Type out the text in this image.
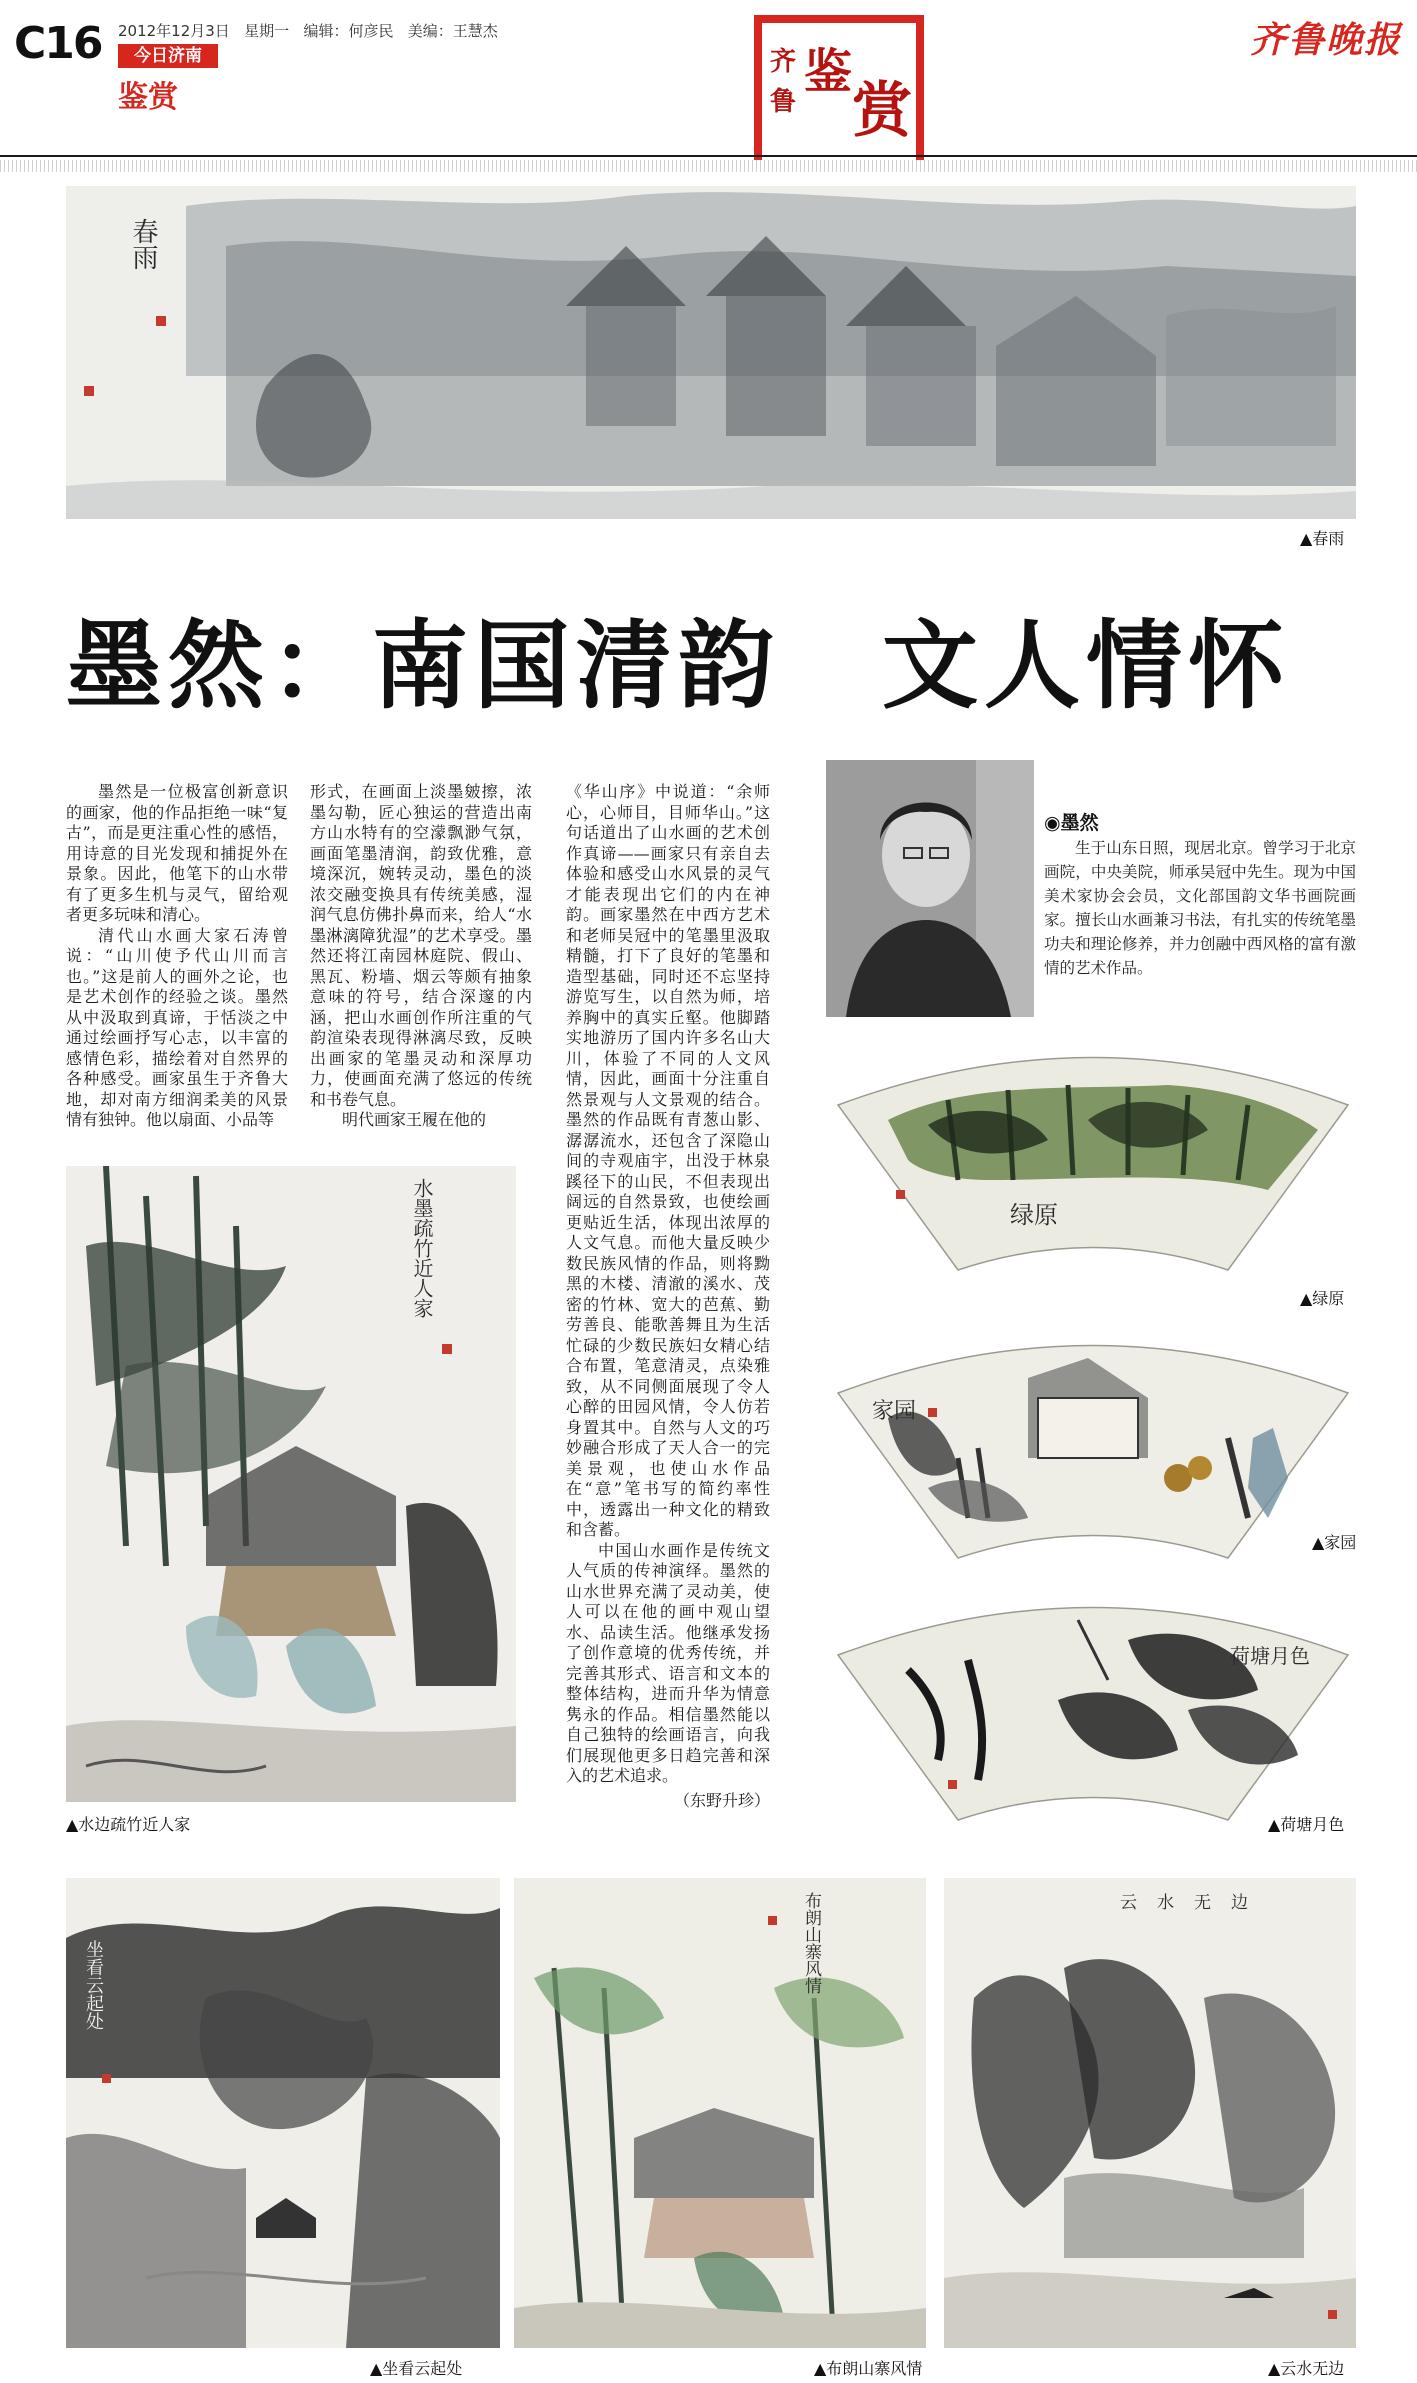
C16 2012年12月3日 星期一 编辑：何彦民 美编：王慧杰
今日济南
鉴赏
齐
鲁
鉴
赏
齐鲁晚报
春雨
▲春雨
墨然：南国清韵　文人情怀

墨然是一位极富创新意识的画家，他的作品拒绝一味“复古”，而是更注重心性的感悟，用诗意的目光发现和捕捉外在景象。因此，他笔下的山水带有了更多生机与灵气，留给观者更多玩味和清心。

清代山水画大家石涛曾说：“山川使予代山川而言也。”这是前人的画外之论，也是艺术创作的经验之谈。墨然从中汲取到真谛，于恬淡之中通过绘画抒写心志，以丰富的感情色彩，描绘着对自然界的各种感受。画家虽生于齐鲁大地，却对南方细润柔美的风景情有独钟。他以扇面、小品等

形式，在画面上淡墨皴擦，浓墨勾勒，匠心独运的营造出南方山水特有的空濛飘渺气氛，画面笔墨清润，韵致优雅，意境深沉，婉转灵动，墨色的淡浓交融变换具有传统美感，湿润气息仿佛扑鼻而来，给人“水墨淋漓障犹湿”的艺术享受。墨然还将江南园林庭院、假山、黑瓦、粉墙、烟云等颇有抽象意味的符号，结合深邃的内涵，把山水画创作所注重的气韵渲染表现得淋漓尽致，反映出画家的笔墨灵动和深厚功力，使画面充满了悠远的传统和书卷气息。

明代画家王履在他的

《华山序》中说道：“余师心，心师目，目师华山。”这句话道出了山水画的艺术创作真谛——画家只有亲自去体验和感受山水风景的灵气才能表现出它们的内在神韵。画家墨然在中西方艺术和老师吴冠中的笔墨里汲取精髓，打下了良好的笔墨和造型基础，同时还不忘坚持游览写生，以自然为师，培养胸中的真实丘壑。他脚踏实地游历了国内许多名山大川，体验了不同的人文风情，因此，画面十分注重自然景观与人文景观的结合。墨然的作品既有青葱山影、潺潺流水，还包含了深隐山间的寺观庙宇，出没于林泉蹊径下的山民，不但表现出阔远的自然景致，也使绘画更贴近生活，体现出浓厚的人文气息。而他大量反映少数民族风情的作品，则将黝黑的木楼、清澈的溪水、茂密的竹林、宽大的芭蕉、勤劳善良、能歌善舞且为生活忙碌的少数民族妇女精心结合布置，笔意清灵，点染雅致，从不同侧面展现了令人心醉的田园风情，令人仿若身置其中。自然与人文的巧妙融合形成了天人合一的完美景观，也使山水作品在“意”笔书写的简约率性中，透露出一种文化的精致和含蓄。

中国山水画作是传统文人气质的传神演绎。墨然的山水世界充满了灵动美，使人可以在他的画中观山望水、品读生活。他继承发扬了创作意境的优秀传统，并完善其形式、语言和文本的整体结构，进而升华为情意隽永的作品。相信墨然能以自己独特的绘画语言，向我们展现他更多日趋完善和深入的艺术追求。

（东野升珍）
◉墨然
生于山东日照，现居北京。曾学习于北京画院，中央美院，师承吴冠中先生。现为中国美术家协会会员，文化部国韵文华书画院画家。擅长山水画兼习书法，有扎实的传统笔墨功夫和理论修养，并力创融中西风格的富有激情的艺术作品。
水墨疏竹近人家
▲水边疏竹近人家
绿原
▲绿原
家园
▲家园
荷塘月色
▲荷塘月色
坐看云起处
▲坐看云起处
布朗山寨风情
▲布朗山寨风情
云水无边
▲云水无边
